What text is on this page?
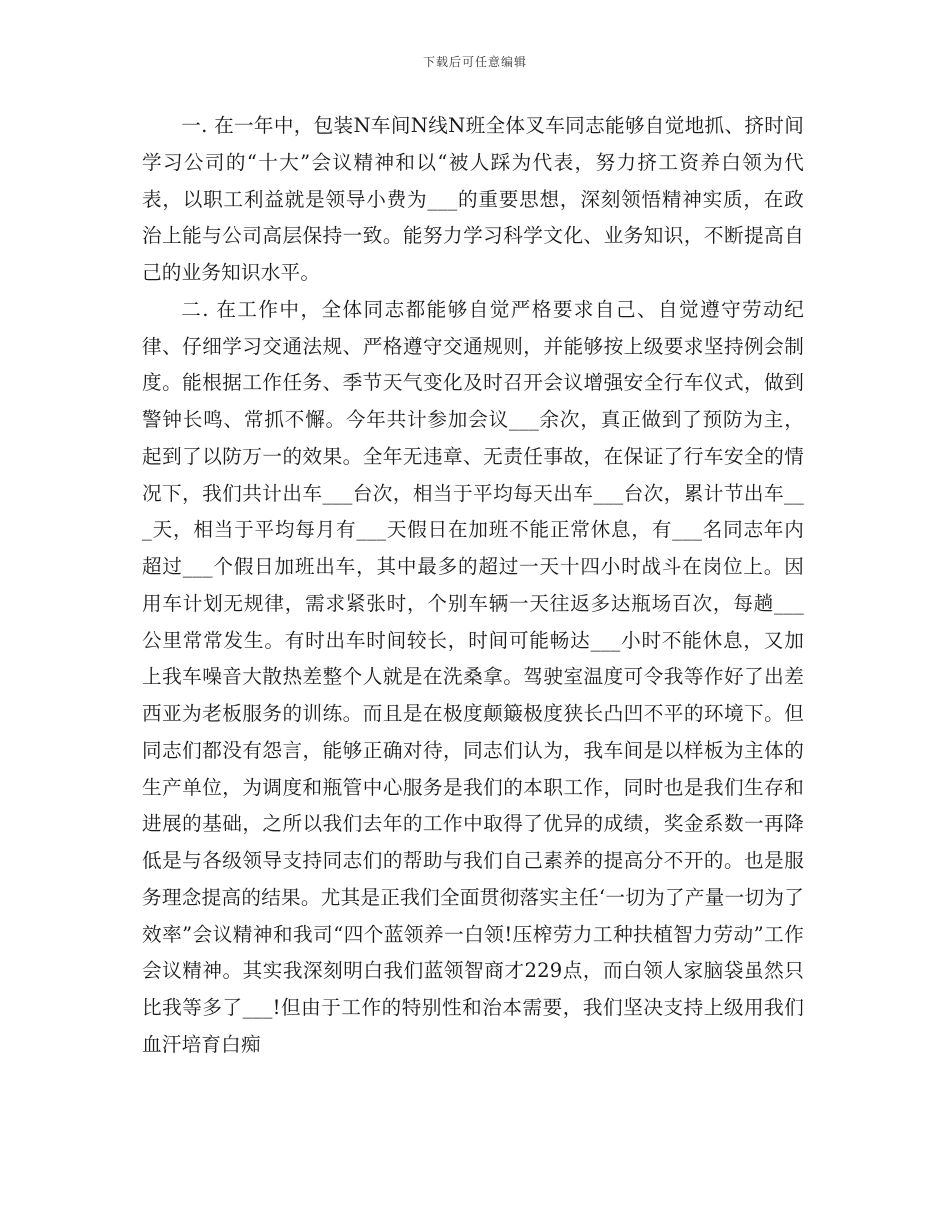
下载后可任意编辑

一. 在一年中，包装N车间N线N班全体叉车同志能够自觉地抓、挤时间学习公司的“十大”会议精神和以“被人踩为代表，努力挤工资养白领为代表，以职工利益就是领导小费为___的重要思想，深刻领悟精神实质，在政治上能与公司高层保持一致。能努力学习科学文化、业务知识，不断提高自己的业务知识水平。

二. 在工作中，全体同志都能够自觉严格要求自己、自觉遵守劳动纪律、仔细学习交通法规、严格遵守交通规则，并能够按上级要求坚持例会制度。能根据工作任务、季节天气变化及时召开会议增强安全行车仪式，做到警钟长鸣、常抓不懈。今年共计参加会议___余次，真正做到了预防为主，起到了以防万一的效果。全年无违章、无责任事故，在保证了行车安全的情况下，我们共计出车___台次，相当于平均每天出车___台次，累计节出车___天，相当于平均每月有___天假日在加班不能正常休息，有___名同志年内超过___个假日加班出车，其中最多的超过一天十四小时战斗在岗位上。因用车计划无规律，需求紧张时，个别车辆一天往返多达瓶场百次，每趟___公里常常发生。有时出车时间较长，时间可能畅达___小时不能休息，又加上我车噪音大散热差整个人就是在洗桑拿。驾驶室温度可令我等作好了出差西亚为老板服务的训练。而且是在极度颠簸极度狭长凸凹不平的环境下。但同志们都没有怨言，能够正确对待，同志们认为，我车间是以样板为主体的生产单位，为调度和瓶管中心服务是我们的本职工作，同时也是我们生存和进展的基础，之所以我们去年的工作中取得了优异的成绩，奖金系数一再降低是与各级领导支持同志们的帮助与我们自己素养的提高分不开的。也是服务理念提高的结果。尤其是正我们全面贯彻落实主任‘一切为了产量一切为了效率”会议精神和我司“四个蓝领养一白领!压榨劳力工种扶植智力劳动”工作会议精神。其实我深刻明白我们蓝领智商才229点，而白领人家脑袋虽然只比我等多了___!但由于工作的特别性和治本需要，我们坚决支持上级用我们血汗培育白痴
